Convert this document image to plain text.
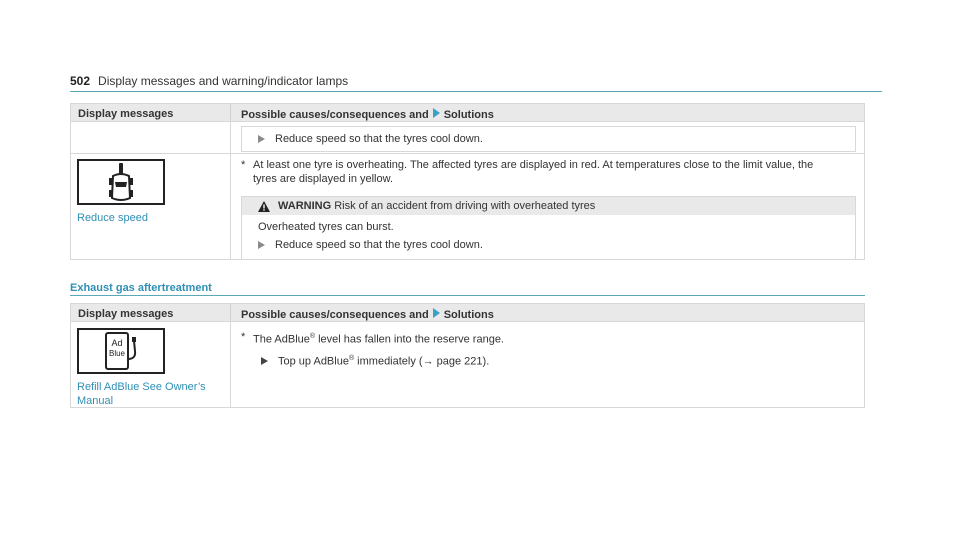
502 Display messages and warning/indicator lamps
Display messages	Possible causes/consequences and Solutions
Reduce speed so that the tyres cool down.
Reduce speed
* At least one tyre is overheating. The affected tyres are displayed in red. At temperatures close to the limit value, the
tyres are displayed in yellow.
WARNING Risk of an accident from driving with overheated tyres
Overheated tyres can burst.
Reduce speed so that the tyres cool down.
Exhaust gas aftertreatment
Display messages	Possible causes/consequences and Solutions
Ad
Blue
Refill AdBlue See Owner’s
Manual
* The AdBlue® level has fallen into the reserve range.
Top up AdBlue® immediately (→ page 221).
